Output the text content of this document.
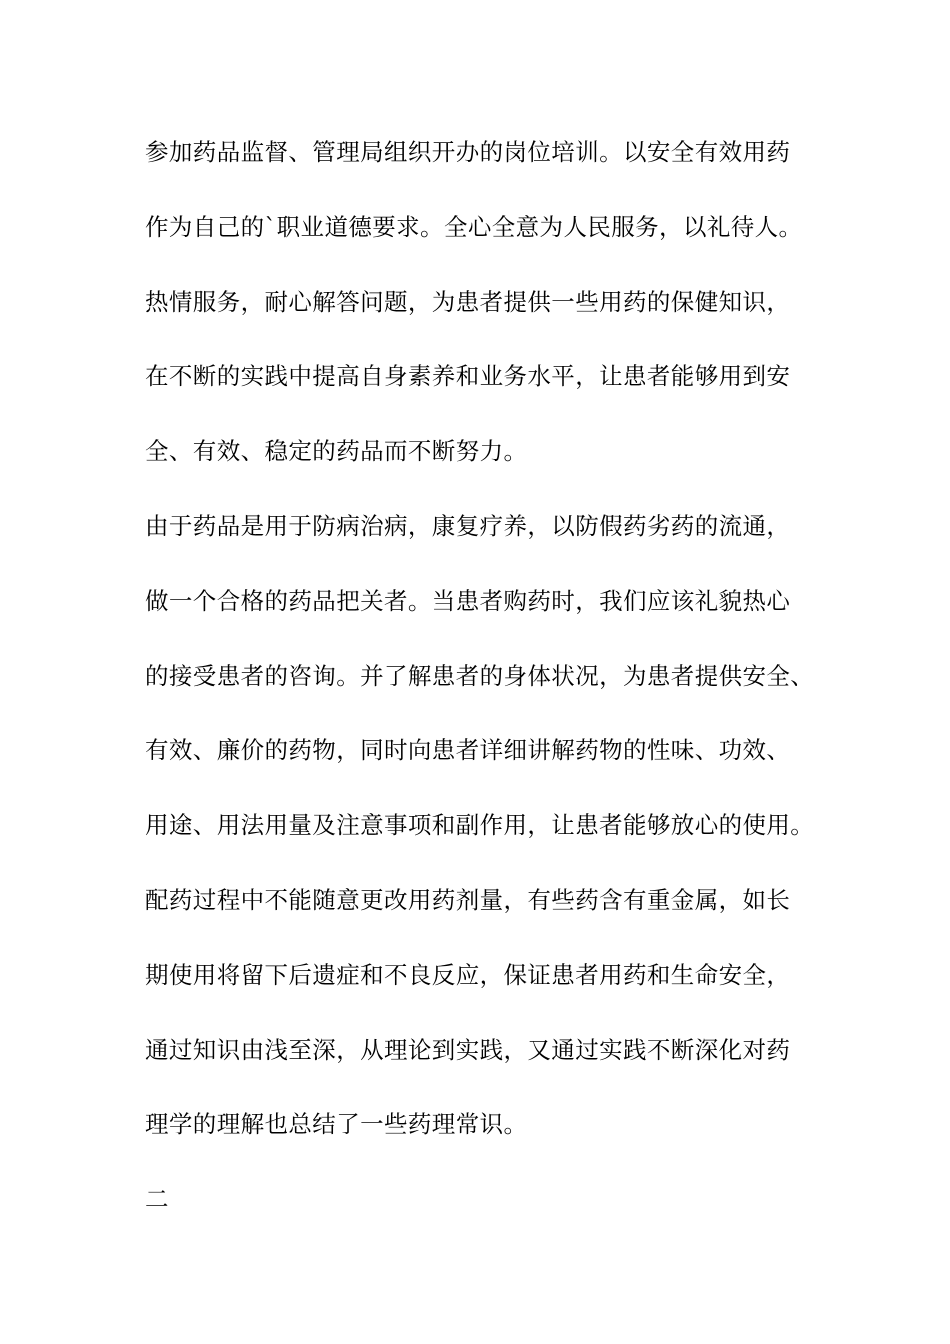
参加药品监督、管理局组织开办的岗位培训。以安全有效用药
作为自己的`职业道德要求。全心全意为人民服务，以礼待人。
热情服务，耐心解答问题，为患者提供一些用药的保健知识，
在不断的实践中提高自身素养和业务水平，让患者能够用到安
全、有效、稳定的药品而不断努力。
由于药品是用于防病治病，康复疗养，以防假药劣药的流通，
做一个合格的药品把关者。当患者购药时，我们应该礼貌热心
的接受患者的咨询。并了解患者的身体状况，为患者提供安全、
有效、廉价的药物，同时向患者详细讲解药物的性味、功效、
用途、用法用量及注意事项和副作用，让患者能够放心的使用。
配药过程中不能随意更改用药剂量，有些药含有重金属，如长
期使用将留下后遗症和不良反应，保证患者用药和生命安全，
通过知识由浅至深，从理论到实践，又通过实践不断深化对药
理学的理解也总结了一些药理常识。
二
